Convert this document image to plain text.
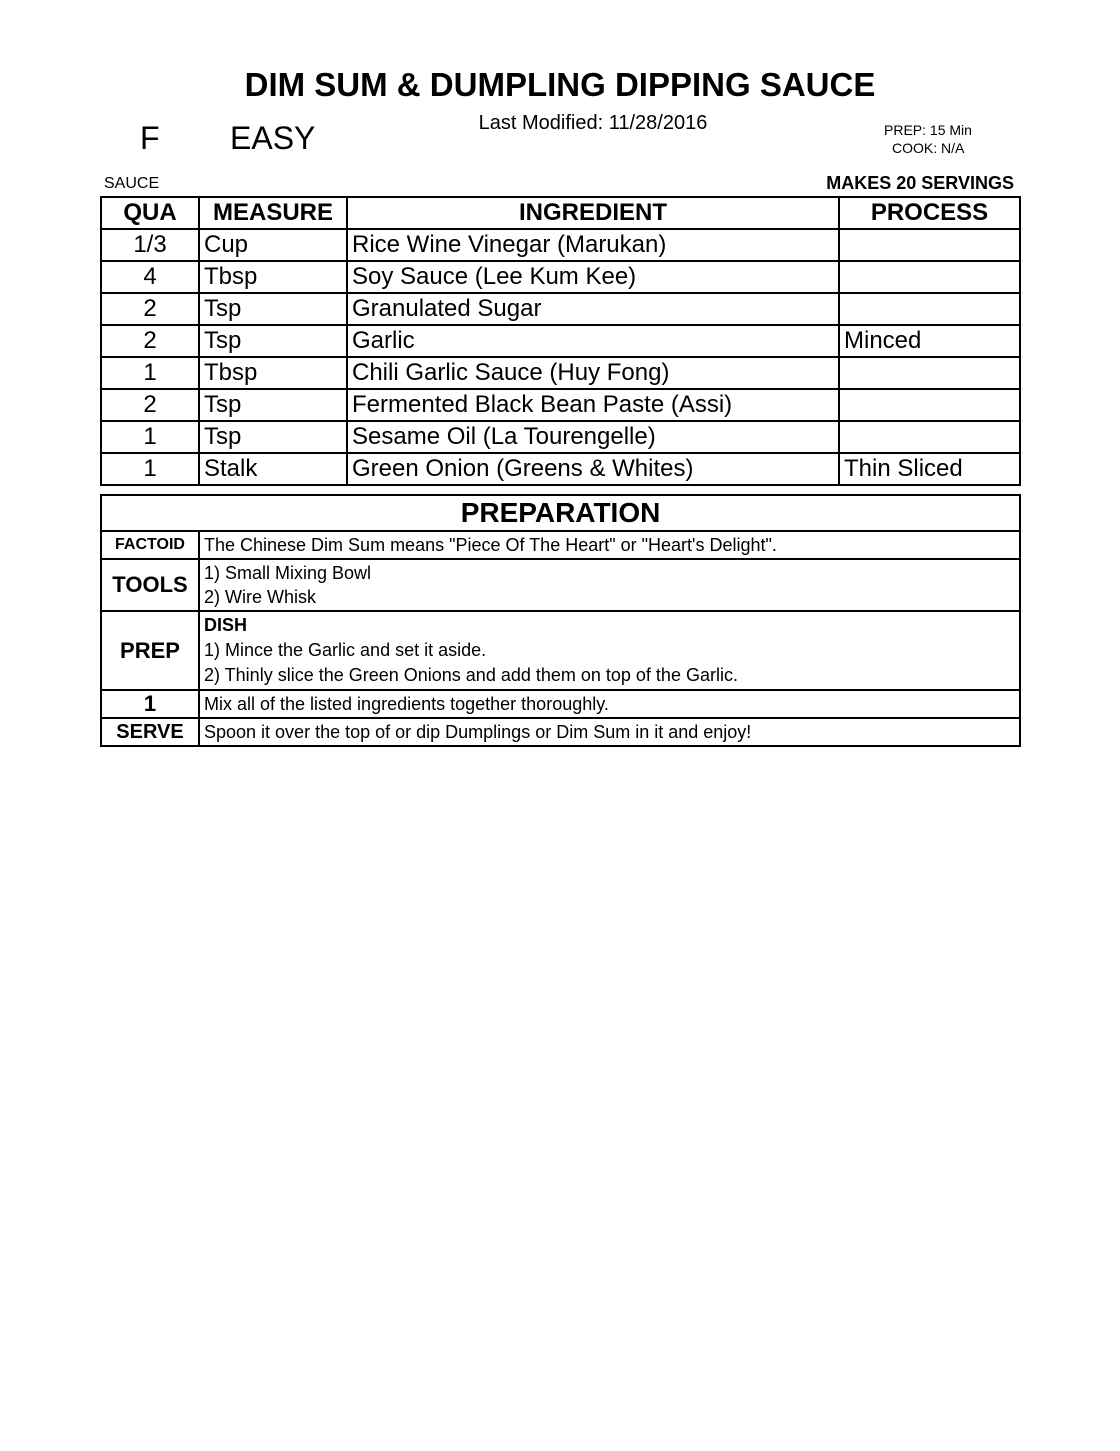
DIM SUM & DUMPLING DIPPING SAUCE
Last Modified: 11/28/2016
F EASY	PREP: 15 Min
COOK: N/A
SAUCE	MAKES 20 SERVINGS
QUA	MEASURE	INGREDIENT	PROCESS
1/3	Cup	Rice Wine Vinegar (Marukan)	
4	Tbsp	Soy Sauce (Lee Kum Kee)	
2	Tsp	Granulated Sugar	
2	Tsp	Garlic	Minced
1	Tbsp	Chili Garlic Sauce (Huy Fong)	
2	Tsp	Fermented Black Bean Paste (Assi)	
1	Tsp	Sesame Oil (La Tourengelle)	
1	Stalk	Green Onion (Greens & Whites)	Thin Sliced
PREPARATION	
FACTOID	The Chinese Dim Sum means "Piece Of The Heart" or "Heart's Delight".
TOOLS	1) Small Mixing Bowl
2) Wire Whisk

PREP	DISH
1) Mince the Garlic and set it aside.
2) Thinly slice the Green Onions and add them on top of the Garlic.

1	Mix all of the listed ingredients together thoroughly.
SERVE	Spoon it over the top of or dip Dumplings or Dim Sum in it and enjoy!
